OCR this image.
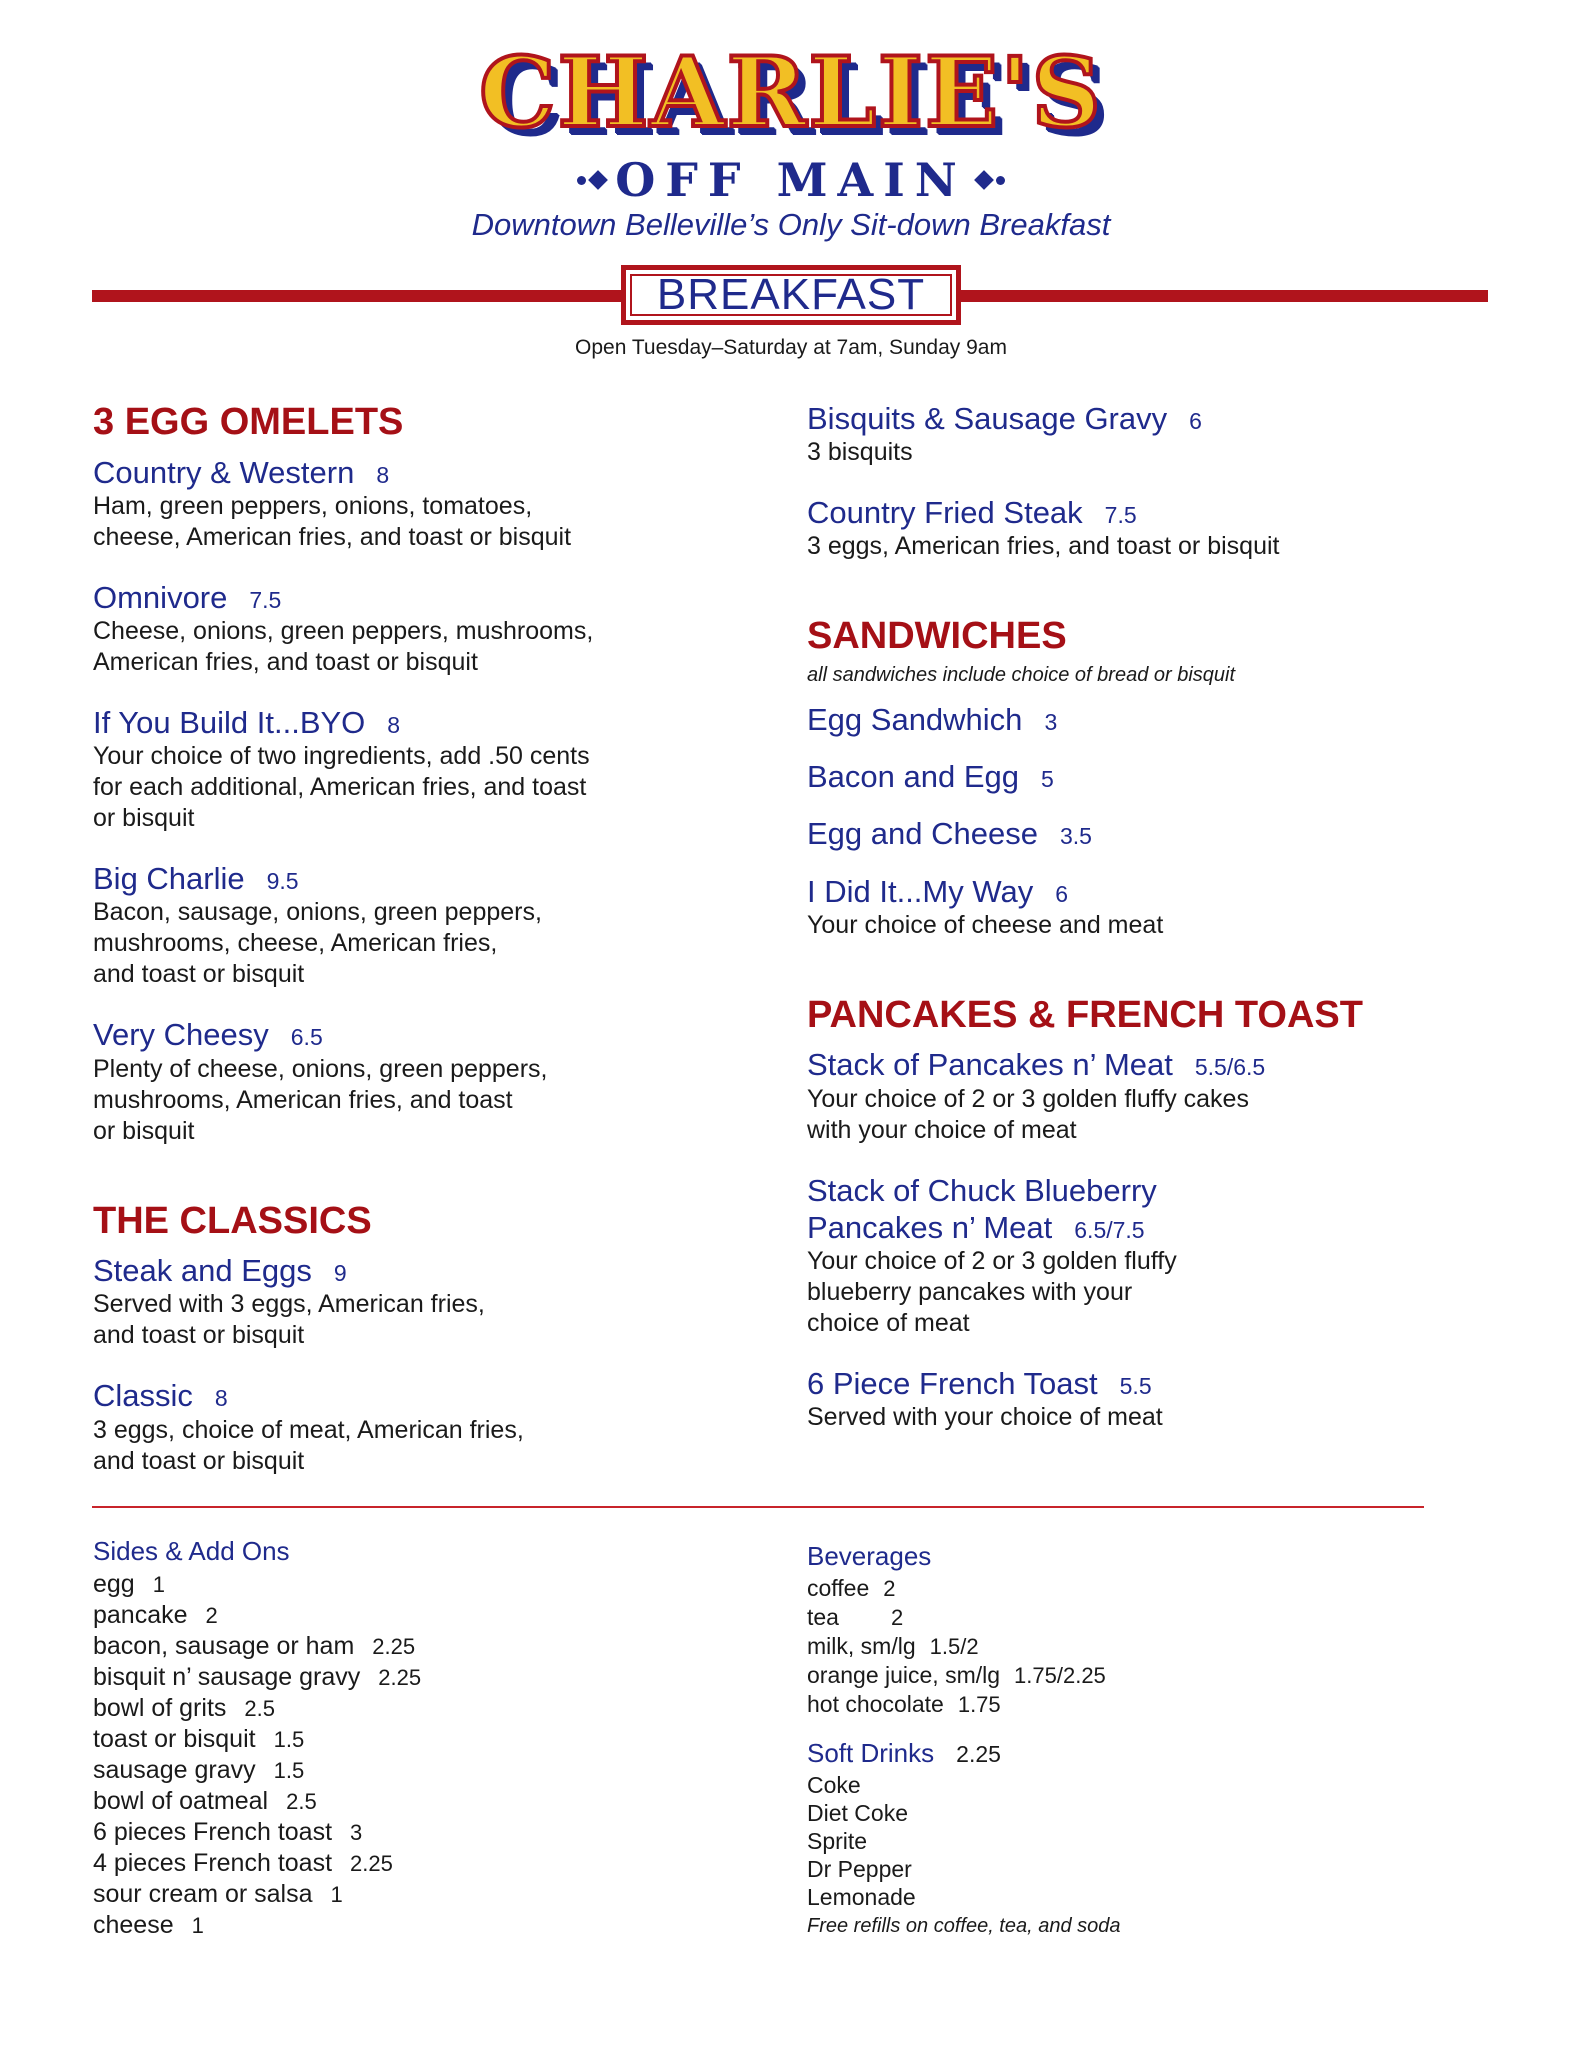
CHARLIE'S
OFF MAIN
Downtown Belleville’s Only Sit-down Breakfast
BREAKFAST
Open Tuesday–Saturday at 7am, Sunday 9am
3 EGG OMELETS
Country & Western 8
Ham, green peppers, onions, tomatoes,
cheese, American fries, and toast or bisquit
Omnivore 7.5
Cheese, onions, green peppers, mushrooms,
American fries, and toast or bisquit
If You Build It...BYO 8
Your choice of two ingredients, add .50 cents
for each additional, American fries, and toast
or bisquit
Big Charlie 9.5
Bacon, sausage, onions, green peppers,
mushrooms, cheese, American fries,
and toast or bisquit
Very Cheesy 6.5
Plenty of cheese, onions, green peppers,
mushrooms, American fries, and toast
or bisquit
THE CLASSICS
Steak and Eggs 9
Served with 3 eggs, American fries,
and toast or bisquit
Classic 8
3 eggs, choice of meat, American fries,
and toast or bisquit
Bisquits & Sausage Gravy 6
3 bisquits
Country Fried Steak 7.5
3 eggs, American fries, and toast or bisquit
SANDWICHES
all sandwiches include choice of bread or bisquit
Egg Sandwhich 3
Bacon and Egg 5
Egg and Cheese 3.5
I Did It...My Way 6
Your choice of cheese and meat
PANCAKES & FRENCH TOAST
Stack of Pancakes n’ Meat 5.5/6.5
Your choice of 2 or 3 golden fluffy cakes
with your choice of meat
Stack of Chuck Blueberry
Pancakes n’ Meat 6.5/7.5
Your choice of 2 or 3 golden fluffy
blueberry pancakes with your
choice of meat
6 Piece French Toast 5.5
Served with your choice of meat
Sides & Add Ons
egg 1
pancake 2
bacon, sausage or ham 2.25
bisquit n’ sausage gravy 2.25
bowl of grits 2.5
toast or bisquit 1.5
sausage gravy 1.5
bowl of oatmeal 2.5
6 pieces French toast 3
4 pieces French toast 2.25
sour cream or salsa 1
cheese 1
Beverages
coffee 2
tea 2
milk, sm/lg 1.5/2
orange juice, sm/lg 1.75/2.25
hot chocolate 1.75
Soft Drinks 2.25
Coke
Diet Coke
Sprite
Dr Pepper
Lemonade
Free refills on coffee, tea, and soda
